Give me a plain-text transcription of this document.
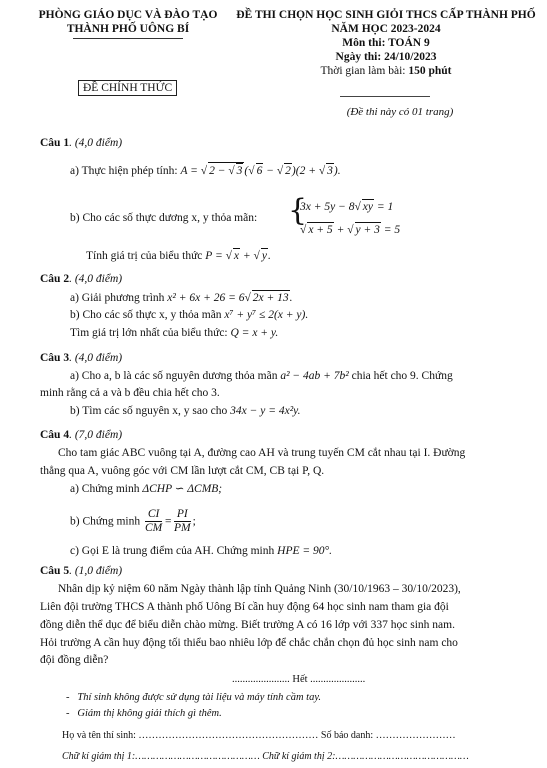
PHÒNG GIÁO DỤC VÀ ĐÀO TẠO
THÀNH PHỐ UÔNG BÍ
ĐỀ THI CHỌN HỌC SINH GIỎI THCS CẤP THÀNH PHỐ
NĂM HỌC 2023-2024
Môn thi: TOÁN 9
Ngày thi: 24/10/2023
Thời gian làm bài: 150 phút
ĐỀ CHÍNH THỨC
(Đề thi này có 01 trang)
Câu 1. (4,0 điểm)
a) Thực hiện phép tính: A = √ 2 − √ 3 ( √ 6 − √ 2)(2 + √ 3).
b) Cho các số thực dương x, y thỏa mãn: {
3x + 5y − 8 √ xy = 1
√ x + 5 + √ y + 3 = 5
Tính giá trị của biểu thức P = √ x + √ y.
Câu 2. (4,0 điểm)
a) Giải phương trình x² + 6x + 26 = 6 √ 2x + 13.
b) Cho các số thực x, y thỏa mãn x⁷ + y⁷ ≤ 2(x + y).
Tìm giá trị lớn nhất của biểu thức: Q = x + y.
Câu 3. (4,0 điểm)
a) Cho a, b là các số nguyên dương thỏa mãn a² − 4ab + 7b² chia hết cho 9. Chứng
minh rằng cả a và b đều chia hết cho 3.
b) Tìm các số nguyên x, y sao cho 34x − y = 4x²y.
Câu 4. (7,0 điểm)
Cho tam giác ABC vuông tại A, đường cao AH và trung tuyến CM cắt nhau tại I. Đường
thẳng qua A, vuông góc với CM lần lượt cắt CM, CB tại P, Q.
a) Chứng minh ΔCHP ∽ ΔCMB;
b) Chứng minh $\frac{CI}{CM} = \frac{PI}{PM}$ ;
c) Gọi E là trung điểm của AH. Chứng minh HPE = 90°.
Câu 5. (1,0 điểm)
Nhân dịp kỷ niệm 60 năm Ngày thành lập tỉnh Quảng Ninh (30/10/1963 – 30/10/2023),
Liên đội trường THCS A thành phố Uông Bí cần huy động 64 học sinh nam tham gia đội
đồng diễn thể dục để biểu diễn chào mừng. Biết trường A có 16 lớp với 337 học sinh nam.
Hỏi trường A cần huy động tối thiểu bao nhiêu lớp để chắc chắn chọn đủ học sinh nam cho
đội đồng diễn?
...................... Hết .....................
-   Thí sinh không được sử dụng tài liệu và máy tính cầm tay.
-   Giám thị không giải thích gì thêm.
Họ và tên thí sinh: ……………………………………………… Số báo danh: ……………………
Chữ kí giám thị 1:…………………………………… Chữ kí giám thị 2:………………………………………
